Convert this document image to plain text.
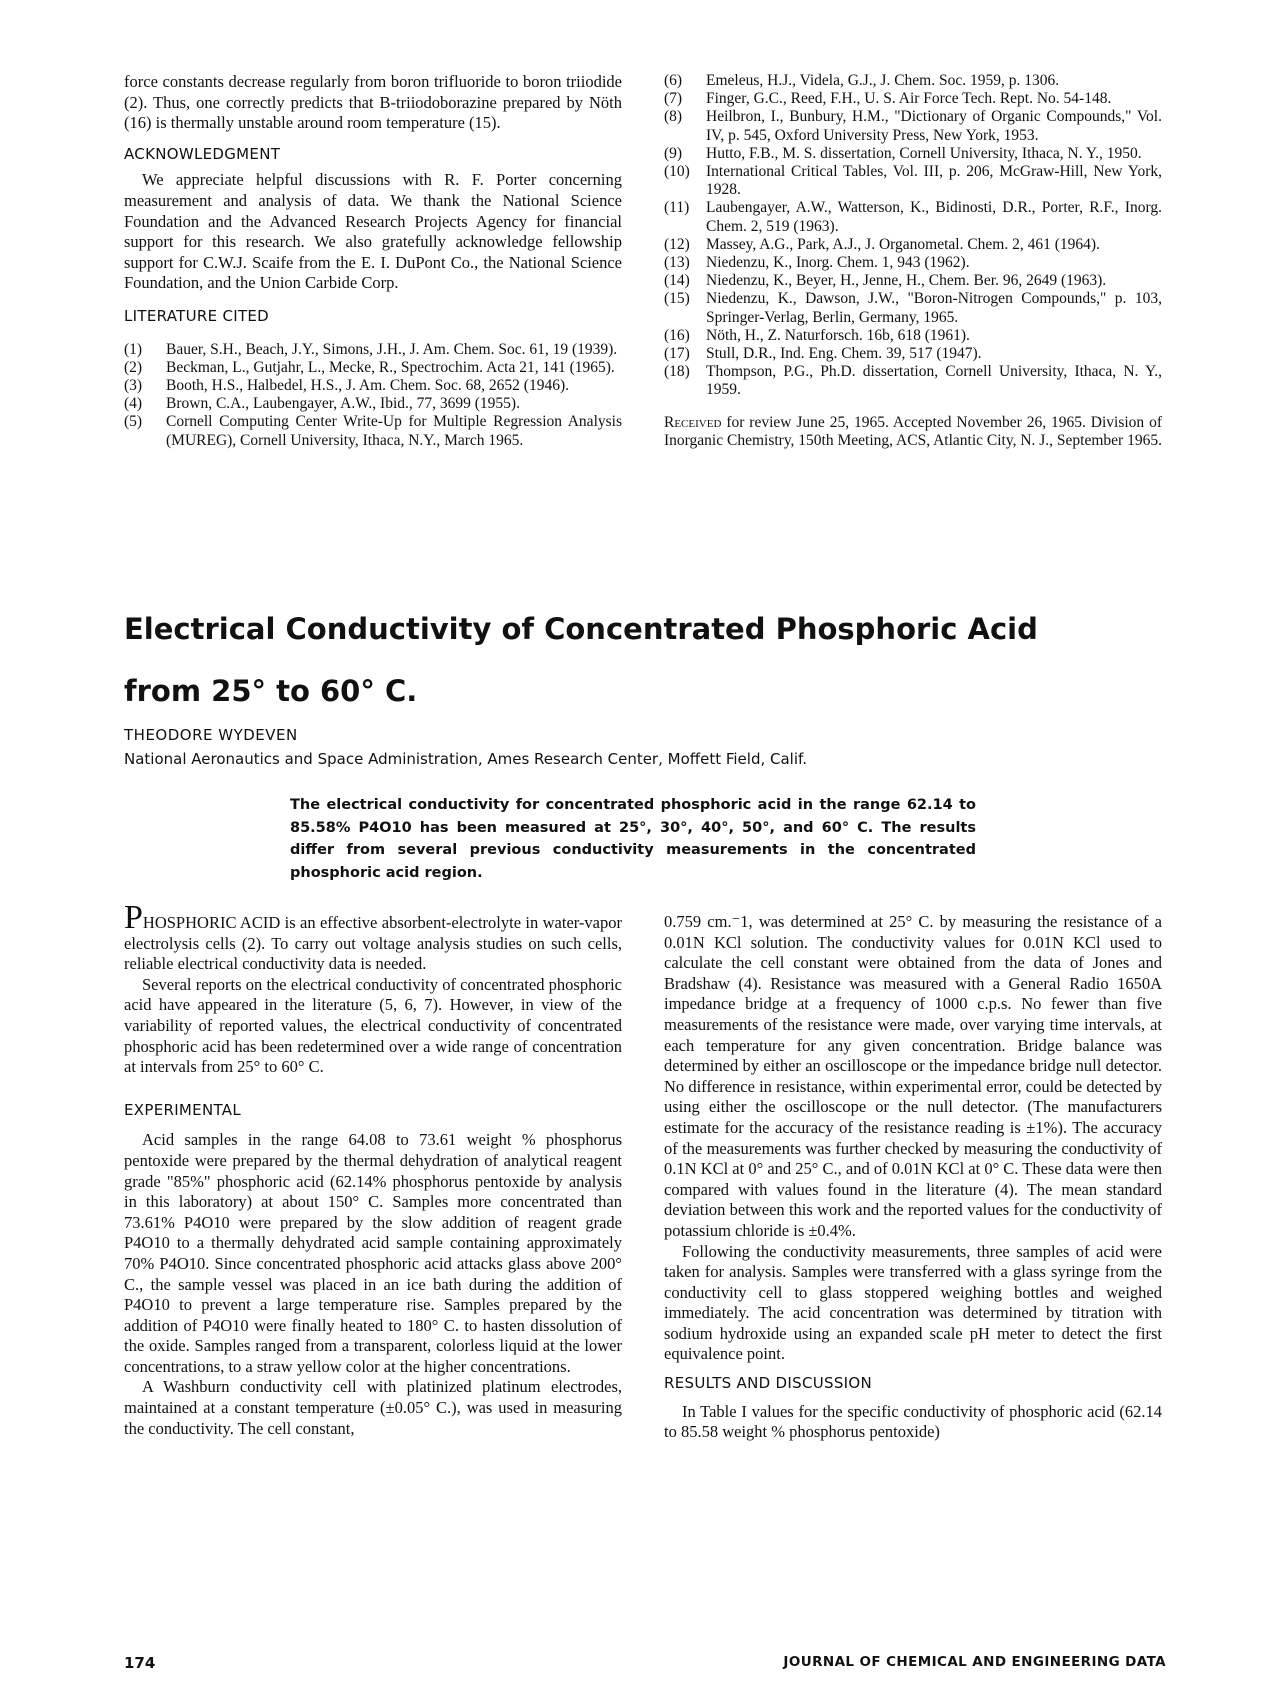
force constants decrease regularly from boron trifluoride to boron triiodide (2). Thus, one correctly predicts that B-triiodoborazine prepared by Nöth (16) is thermally unstable around room temperature (15).

ACKNOWLEDGMENT

We appreciate helpful discussions with R. F. Porter concerning measurement and analysis of data. We thank the National Science Foundation and the Advanced Research Projects Agency for financial support for this research. We also gratefully acknowledge fellowship support for C.W.J. Scaife from the E. I. DuPont Co., the National Science Foundation, and the Union Carbide Corp.

LITERATURE CITED
(1)	Bauer, S.H., Beach, J.Y., Simons, J.H., J. Am. Chem. Soc. 61, 19 (1939).
(2)	Beckman, L., Gutjahr, L., Mecke, R., Spectrochim. Acta 21, 141 (1965).
(3)	Booth, H.S., Halbedel, H.S., J. Am. Chem. Soc. 68, 2652 (1946).
(4)	Brown, C.A., Laubengayer, A.W., Ibid., 77, 3699 (1955).
(5)	Cornell Computing Center Write-Up for Multiple Regression Analysis (MUREG), Cornell University, Ithaca, N.Y., March 1965.
(6)	Emeleus, H.J., Videla, G.J., J. Chem. Soc. 1959, p. 1306.
(7)	Finger, G.C., Reed, F.H., U. S. Air Force Tech. Rept. No. 54-148.
(8)	Heilbron, I., Bunbury, H.M., "Dictionary of Organic Compounds," Vol. IV, p. 545, Oxford University Press, New York, 1953.
(9)	Hutto, F.B., M. S. dissertation, Cornell University, Ithaca, N. Y., 1950.
(10)	International Critical Tables, Vol. III, p. 206, McGraw-Hill, New York, 1928.
(11)	Laubengayer, A.W., Watterson, K., Bidinosti, D.R., Porter, R.F., Inorg. Chem. 2, 519 (1963).
(12)	Massey, A.G., Park, A.J., J. Organometal. Chem. 2, 461 (1964).
(13)	Niedenzu, K., Inorg. Chem. 1, 943 (1962).
(14)	Niedenzu, K., Beyer, H., Jenne, H., Chem. Ber. 96, 2649 (1963).
(15)	Niedenzu, K., Dawson, J.W., "Boron-Nitrogen Compounds," p. 103, Springer-Verlag, Berlin, Germany, 1965.
(16)	Nöth, H., Z. Naturforsch. 16b, 618 (1961).
(17)	Stull, D.R., Ind. Eng. Chem. 39, 517 (1947).
(18)	Thompson, P.G., Ph.D. dissertation, Cornell University, Ithaca, N. Y., 1959.

Received for review June 25, 1965. Accepted November 26, 1965. Division of Inorganic Chemistry, 150th Meeting, ACS, Atlantic City, N. J., September 1965.

Electrical Conductivity of Concentrated Phosphoric Acid
from 25° to 60° C.
THEODORE WYDEVEN
National Aeronautics and Space Administration, Ames Research Center, Moffett Field, Calif.
The electrical conductivity for concentrated phosphoric acid in the range 62.14 to 85.58% P4O10 has been measured at 25°, 30°, 40°, 50°, and 60° C. The results differ from several previous conductivity measurements in the concentrated phosphoric acid region.

PHOSPHORIC ACID is an effective absorbent-electrolyte in water-vapor electrolysis cells (2). To carry out voltage analysis studies on such cells, reliable electrical conductivity data is needed.

Several reports on the electrical conductivity of concentrated phosphoric acid have appeared in the literature (5, 6, 7). However, in view of the variability of reported values, the electrical conductivity of concentrated phosphoric acid has been redetermined over a wide range of concentration at intervals from 25° to 60° C.

EXPERIMENTAL

Acid samples in the range 64.08 to 73.61 weight % phosphorus pentoxide were prepared by the thermal dehydration of analytical reagent grade "85%" phosphoric acid (62.14% phosphorus pentoxide by analysis in this laboratory) at about 150° C. Samples more concentrated than 73.61% P4O10 were prepared by the slow addition of reagent grade P4O10 to a thermally dehydrated acid sample containing approximately 70% P4O10. Since concentrated phosphoric acid attacks glass above 200° C., the sample vessel was placed in an ice bath during the addition of P4O10 to prevent a large temperature rise. Samples prepared by the addition of P4O10 were finally heated to 180° C. to hasten dissolution of the oxide. Samples ranged from a transparent, colorless liquid at the lower concentrations, to a straw yellow color at the higher concentrations.

A Washburn conductivity cell with platinized platinum electrodes, maintained at a constant temperature (±0.05° C.), was used in measuring the conductivity. The cell constant,

0.759 cm.⁻1, was determined at 25° C. by measuring the resistance of a 0.01N KCl solution. The conductivity values for 0.01N KCl used to calculate the cell constant were obtained from the data of Jones and Bradshaw (4). Resistance was measured with a General Radio 1650A impedance bridge at a frequency of 1000 c.p.s. No fewer than five measurements of the resistance were made, over varying time intervals, at each temperature for any given concentration. Bridge balance was determined by either an oscilloscope or the impedance bridge null detector. No difference in resistance, within experimental error, could be detected by using either the oscilloscope or the null detector. (The manufacturers estimate for the accuracy of the resistance reading is ±1%). The accuracy of the measurements was further checked by measuring the conductivity of 0.1N KCl at 0° and 25° C., and of 0.01N KCl at 0° C. These data were then compared with values found in the literature (4). The mean standard deviation between this work and the reported values for the conductivity of potassium chloride is ±0.4%.

Following the conductivity measurements, three samples of acid were taken for analysis. Samples were transferred with a glass syringe from the conductivity cell to glass stoppered weighing bottles and weighed immediately. The acid concentration was determined by titration with sodium hydroxide using an expanded scale pH meter to detect the first equivalence point.

RESULTS AND DISCUSSION

In Table I values for the specific conductivity of phosphoric acid (62.14 to 85.58 weight % phosphorus pentoxide)

174	JOURNAL OF CHEMICAL AND ENGINEERING DATA
